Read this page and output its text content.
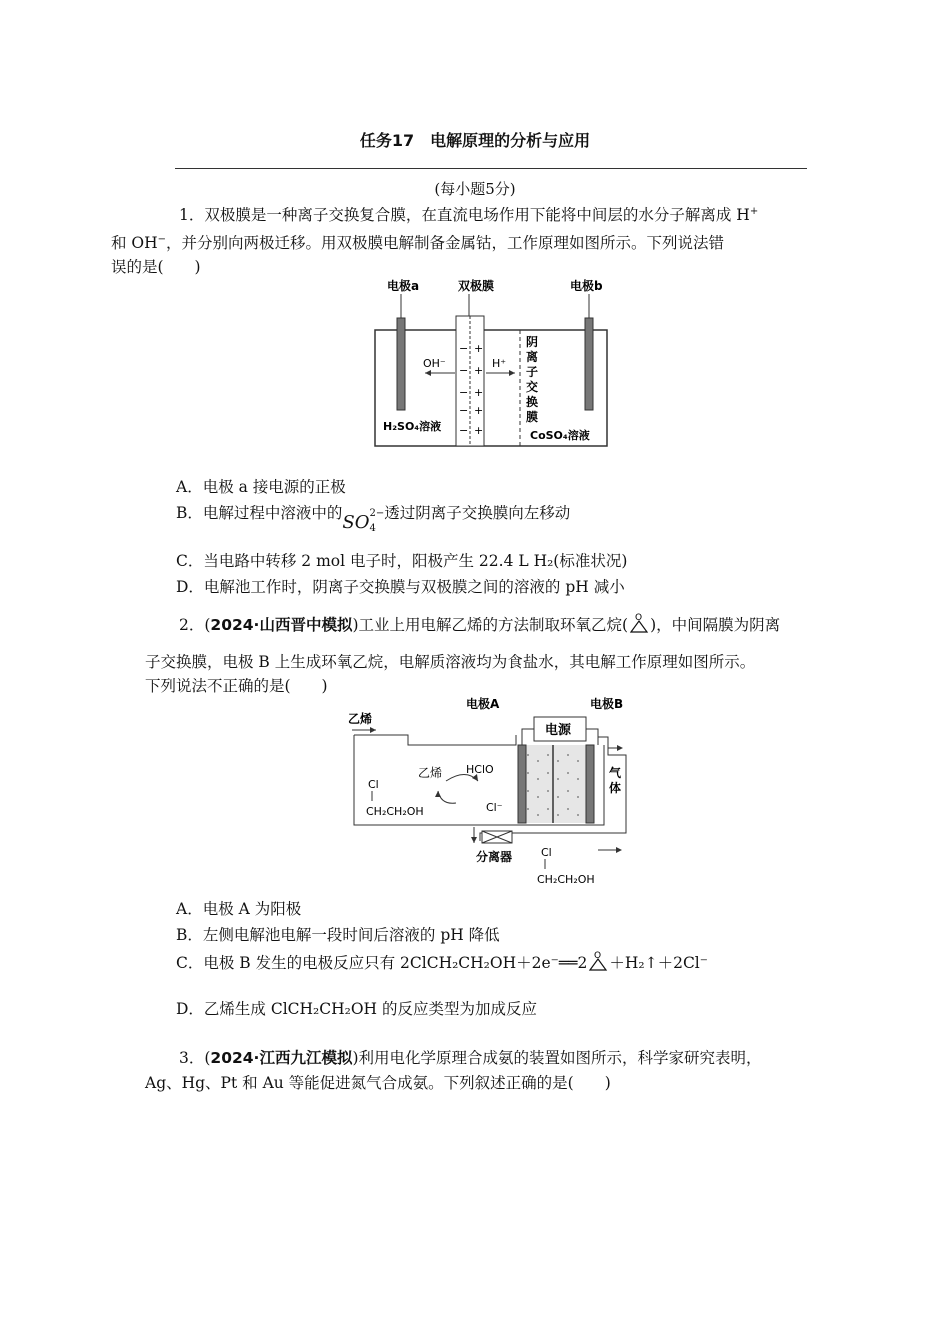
任务17　电解原理的分析与应用
(每小题5分)
1．双极膜是一种离子交换复合膜，在直流电场作用下能将中间层的水分子解离成 H+
和 OH−，并分别向两极迁移。用双极膜电解制备金属钴，工作原理如图所示。下列说法错
误的是(　　)
电极a	双极膜	电极b
− +
− +
− +
− +
− +
OH⁻	H⁺
阴
离
子
交
换
膜
H₂SO₄溶液
CoSO₄溶液
A．电极 a 接电源的正极
B．电解过程中溶液中的SO 2−
4
透过阴离子交换膜向左移动
C．当电路中转移 2 mol 电子时，阳极产生 22.4 L H₂(标准状况)
D．电解池工作时，阴离子交换膜与双极膜之间的溶液的 pH 减小
2．(2024·山西晋中模拟)工业上用电解乙烯的方法制取环氧乙烷( O )，中间隔膜为阴离
子交换膜，电极 B 上生成环氧乙烷，电解质溶液均为食盐水，其电解工作原理如图所示。
下列说法不正确的是(　　)
乙烯
电极A	电极B
电源
乙烯 HClO
Cl⁻
Cl
CH₂CH₂OH
气
体
分离器	Cl
CH₂CH₂OH
A．电极 A 为阳极
B．左侧电解池电解一段时间后溶液的 pH 降低
C．电极 B 发生的电极反应只有 2ClCH₂CH₂OH＋2e⁻══2 O ＋H₂↑＋2Cl⁻
D．乙烯生成 ClCH₂CH₂OH 的反应类型为加成反应
3．(2024·江西九江模拟)利用电化学原理合成氨的装置如图所示，科学家研究表明，
Ag、Hg、Pt 和 Au 等能促进氮气合成氨。下列叙述正确的是(　　)
